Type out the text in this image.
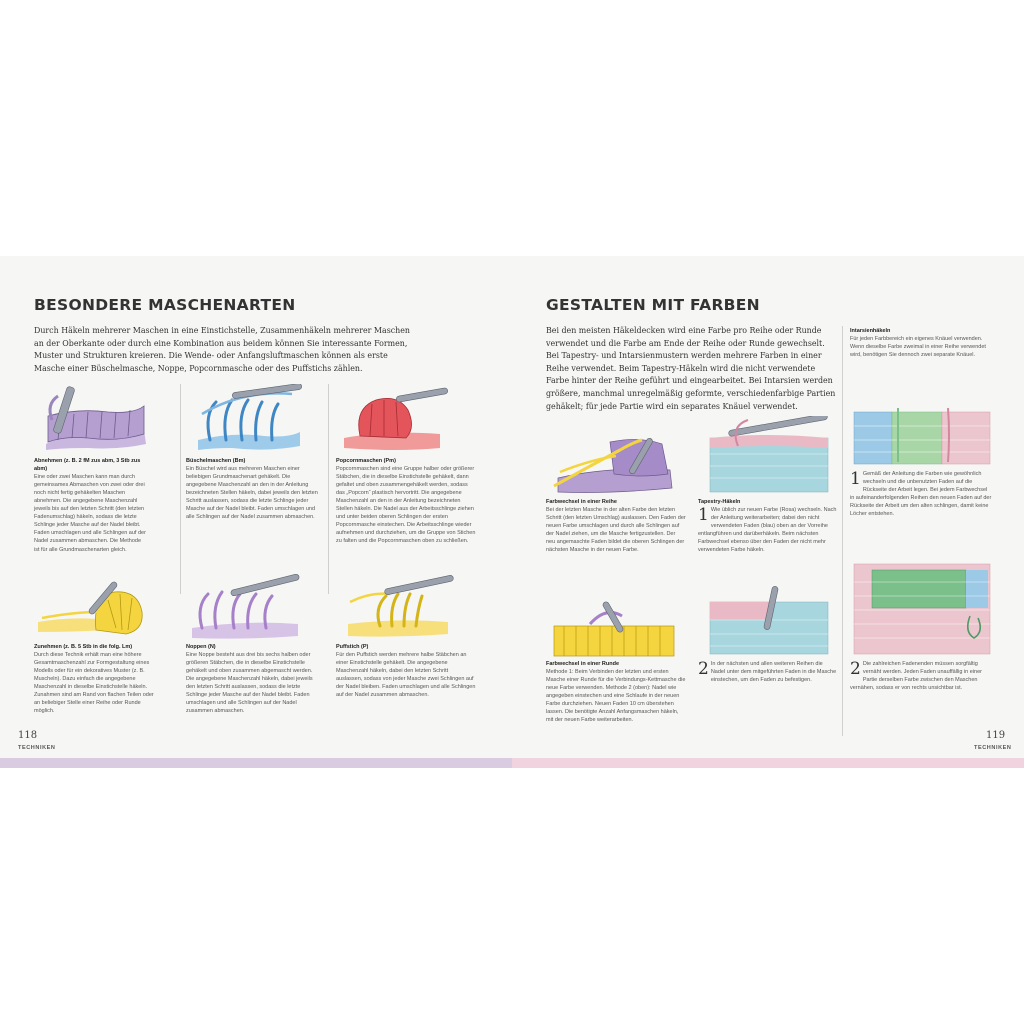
BESONDERE MASCHENARTEN

Durch Häkeln mehrerer Maschen in eine Einstichstelle, Zusammenhäkeln mehrerer Maschen an der Oberkante oder durch eine Kombination aus beidem können Sie interessante Formen, Muster und Strukturen kreieren. Die Wende- oder Anfangsluftmaschen können als erste Masche einer Büschelmasche, Noppe, Popcornmasche oder des Puffstichs zählen.

Abnehmen (z. B. 2 fM zus abm, 3 Stb zus abm)
Eine oder zwei Maschen kann man durch gemeinsames Abmaschen von zwei oder drei noch nicht fertig gehäkelten Maschen abnehmen. Die angegebene Maschenzahl jeweils bis auf den letzten Schritt (den letzten Fadenumschlag) häkeln, sodass die letzte Schlinge jeder Masche auf der Nadel bleibt. Faden umschlagen und alle Schlingen auf der Nadel zusammen abmaschen. Die Methode ist für alle Grundmaschenarten gleich.

Büschelmaschen (Bm)
Ein Büschel wird aus mehreren Maschen einer beliebigen Grundmaschenart gehäkelt. Die angegebene Maschenzahl an den in der Anleitung bezeichneten Stellen häkeln, dabei jeweils den letzten Schritt auslassen, sodass die letzte Schlinge jeder Masche auf der Nadel bleibt. Faden umschlagen und alle Schlingen auf der Nadel zusammen abmaschen.

Popcornmaschen (Pm)
Popcornmaschen sind eine Gruppe halber oder größerer Stäbchen, die in dieselbe Einstichstelle gehäkelt, dann gefaltet und oben zusammengehäkelt werden, sodass das „Popcorn“ plastisch hervortritt. Die angegebene Maschenzahl an den in der Anleitung bezeichneten Stellen häkeln. Die Nadel aus der Arbeitsschlinge ziehen und unter beiden oberen Schlingen der ersten Popcornmasche einstechen. Die Arbeitsschlinge wieder aufnehmen und durchziehen, um die Gruppe von Stichen zu falten und die Popcornmaschen oben zu schließen.

Zunehmen (z. B. 5 Stb in die folg. Lm)
Durch diese Technik erhält man eine höhere Gesamtmaschenzahl zur Formgestaltung eines Modells oder für ein dekoratives Muster (z. B. Muscheln). Dazu einfach die angegebene Maschenzahl in dieselbe Einstichstelle häkeln. Zunahmen sind am Rand von flachen Teilen oder an beliebiger Stelle einer Reihe oder Runde möglich.

Noppen (N)
Eine Noppe besteht aus drei bis sechs halben oder größeren Stäbchen, die in dieselbe Einstichstelle gehäkelt und oben zusammen abgemascht werden. Die angegebene Maschenzahl häkeln, dabei jeweils den letzten Schritt auslassen, sodass die letzte Schlinge jeder Masche auf der Nadel bleibt. Faden umschlagen und alle Schlingen auf der Nadel zusammen abmaschen.

Puffstich (P)
Für den Puffstich werden mehrere halbe Stäbchen an einer Einstichstelle gehäkelt. Die angegebene Maschenzahl häkeln, dabei den letzten Schritt auslassen, sodass von jeder Masche zwei Schlingen auf der Nadel bleiben. Faden umschlagen und alle Schlingen auf der Nadel zusammen abmaschen.

118
TECHNIKEN
GESTALTEN MIT FARBEN

Bei den meisten Häkeldecken wird eine Farbe pro Reihe oder Runde verwendet und die Farbe am Ende der Reihe oder Runde gewechselt. Bei Tapestry- und Intarsienmustern werden mehrere Farben in einer Reihe verwendet. Beim Tapestry-Häkeln wird die nicht verwendete Farbe hinter der Reihe geführt und eingearbeitet. Bei Intarsien werden größere, manchmal unregelmäßig geformte, verschiedenfarbige Partien gehäkelt; für jede Partie wird ein separates Knäuel verwendet.

Farbwechsel in einer Reihe
Bei der letzten Masche in der alten Farbe den letzten Schritt (den letzten Umschlag) auslassen. Den Faden der neuen Farbe umschlagen und durch alle Schlingen auf der Nadel ziehen, um die Masche fertigzustellen. Der neu angemaschte Faden bildet die oberen Schlingen der nächsten Masche in der neuen Farbe.

Tapestry-Häkeln
1 Wie üblich zur neuen Farbe (Rosa) wechseln. Nach der Anleitung weiterarbeiten; dabei den nicht verwendeten Faden (blau) oben an der Vorreihe entlangführen und darüberhäkeln. Beim nächsten Farbwechsel ebenso über den Faden der nicht mehr verwendeten Farbe häkeln.

Intarsienhäkeln
Für jeden Farbbereich ein eigenes Knäuel verwenden. Wenn dieselbe Farbe zweimal in einer Reihe verwendet wird, benötigen Sie dennoch zwei separate Knäuel.

1 Gemäß der Anleitung die Farben wie gewöhnlich wechseln und die unbenutzten Faden auf die Rückseite der Arbeit legen. Bei jedem Farbwechsel in aufeinanderfolgenden Reihen den neuen Faden auf der Rückseite der Arbeit um den alten schlingen, damit keine Löcher entstehen.

Farbwechsel in einer Runde
Methode 1: Beim Verbinden der letzten und ersten Masche einer Runde für die Verbindungs-Kettmasche die neue Farbe verwenden. Methode 2 (oben): Nadel wie angegeben einstechen und eine Schlaufe in der neuen Farbe durchziehen. Neuen Faden 10 cm überstehen lassen. Die benötigte Anzahl Anfangsmaschen häkeln, mit der neuen Farbe weiterarbeiten.

2 In der nächsten und allen weiteren Reihen die Nadel unter dem mitgeführten Faden in die Masche einstechen, um den Faden zu befestigen.

2 Die zahlreichen Fadenenden müssen sorgfältig vernäht werden. Jeden Faden unauffällig in einer Partie derselben Farbe zwischen den Maschen vernähen, sodass er von rechts unsichtbar ist.

119
TECHNIKEN
